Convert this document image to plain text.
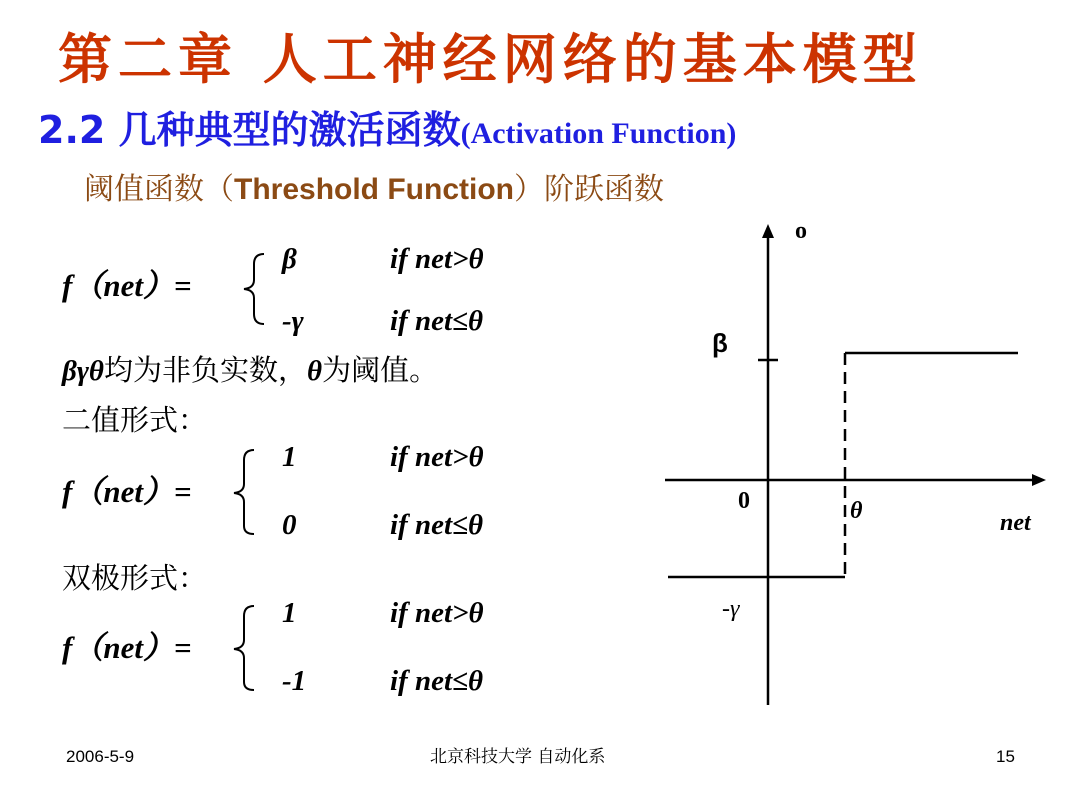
第二章 人工神经网络的基本模型
2.2 几种典型的激活函数(Activation Function)
阈值函数（Threshold Function）阶跃函数
f（net）=
β	if net>θ
-γ	if net≤θ
βγθ均为非负实数，θ为阈值。
二值形式：
f（net）=
1	if net>θ
0	if net≤θ
双极形式：
f（net）=
1	if net>θ
-1	if net≤θ
o
net
0
β
-γ
θ
2006-5-9	北京科技大学 自动化系	15
